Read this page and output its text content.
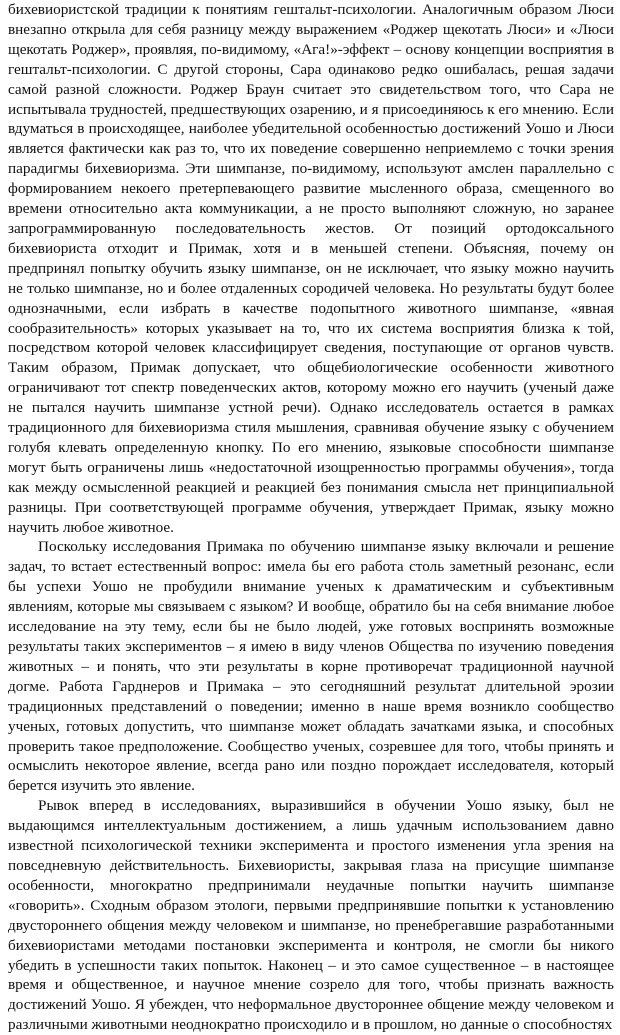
бихевиористской традиции к понятиям гештальт-психологии. Аналогичным образом Люси внезапно открыла для себя разницу между выражением «Роджер щекотать Люси» и «Люси щекотать Роджер», проявляя, по-видимому, «Ага!»-эффект – основу концепции восприятия в гештальт-психологии. С другой стороны, Сара одинаково редко ошибалась, решая задачи самой разной сложности. Роджер Браун считает это свидетельством того, что Сара не испытывала трудностей, предшествующих озарению, и я присоединяюсь к его мнению. Если вдуматься в происходящее, наиболее убедительной особенностью достижений Уошо и Люси является фактически как раз то, что их поведение совершенно неприемлемо с точки зрения парадигмы бихевиоризма. Эти шимпанзе, по-видимому, используют амслен параллельно с формированием некоего претерпевающего развитие мысленного образа, смещенного во времени относительно акта коммуникации, а не просто выполняют сложную, но заранее запрограммированную последовательность жестов. От позиций ортодоксального бихевиориста отходит и Примак, хотя и в меньшей степени. Объясняя, почему он предпринял попытку обучить языку шимпанзе, он не исключает, что языку можно научить не только шимпанзе, но и более отдаленных сородичей человека. Но результаты будут более однозначными, если избрать в качестве подопытного животного шимпанзе, «явная сообразительность» которых указывает на то, что их система восприятия близка к той, посредством которой человек классифицирует сведения, поступающие от органов чувств. Таким образом, Примак допускает, что общебиологические особенности животного ограничивают тот спектр поведенческих актов, которому можно его научить (ученый даже не пытался научить шимпанзе устной речи). Однако исследователь остается в рамках традиционного для бихевиоризма стиля мышления, сравнивая обучение языку с обучением голубя клевать определенную кнопку. По его мнению, языковые способности шимпанзе могут быть ограничены лишь «недостаточной изощренностью программы обучения», тогда как между осмысленной реакцией и реакцией без понимания смысла нет принципиальной разницы. При соответствующей программе обучения, утверждает Примак, языку можно научить любое животное.

Поскольку исследования Примака по обучению шимпанзе языку включали и решение задач, то встает естественный вопрос: имела бы его работа столь заметный резонанс, если бы успехи Уошо не пробудили внимание ученых к драматическим и субъективным явлениям, которые мы связываем с языком? И вообще, обратило бы на себя внимание любое исследование на эту тему, если бы не было людей, уже готовых воспринять возможные результаты таких экспериментов – я имею в виду членов Общества по изучению поведения животных – и понять, что эти результаты в корне противоречат традиционной научной догме. Работа Гарднеров и Примака – это сегодняшний результат длительной эрозии традиционных представлений о поведении; именно в наше время возникло сообщество ученых, готовых допустить, что шимпанзе может обладать зачатками языка, и способных проверить такое предположение. Сообщество ученых, созревшее для того, чтобы принять и осмыслить некоторое явление, всегда рано или поздно порождает исследователя, который берется изучить это явление.

Рывок вперед в исследованиях, выразившийся в обучении Уошо языку, был не выдающимся интеллектуальным достижением, а лишь удачным использованием давно известной психологической техники эксперимента и простого изменения угла зрения на повседневную действительность. Бихевиористы, закрывая глаза на присущие шимпанзе особенности, многократно предпринимали неудачные попытки научить шимпанзе «говорить». Сходным образом этологи, первыми предпринявшие попытки к установлению двустороннего общения между человеком и шимпанзе, но пренебрегавшие разработанными бихевиористами методами постановки эксперимента и контроля, не смогли бы никого убедить в успешности таких попыток. Наконец – и это самое существенное – в настоящее время и общественное, и научное мнение созрело для того, чтобы признать важность достижений Уошо. Я убежден, что неформальное двустороннее общение между человеком и различными животными неоднократно происходило и в прошлом, но данные о способностях
